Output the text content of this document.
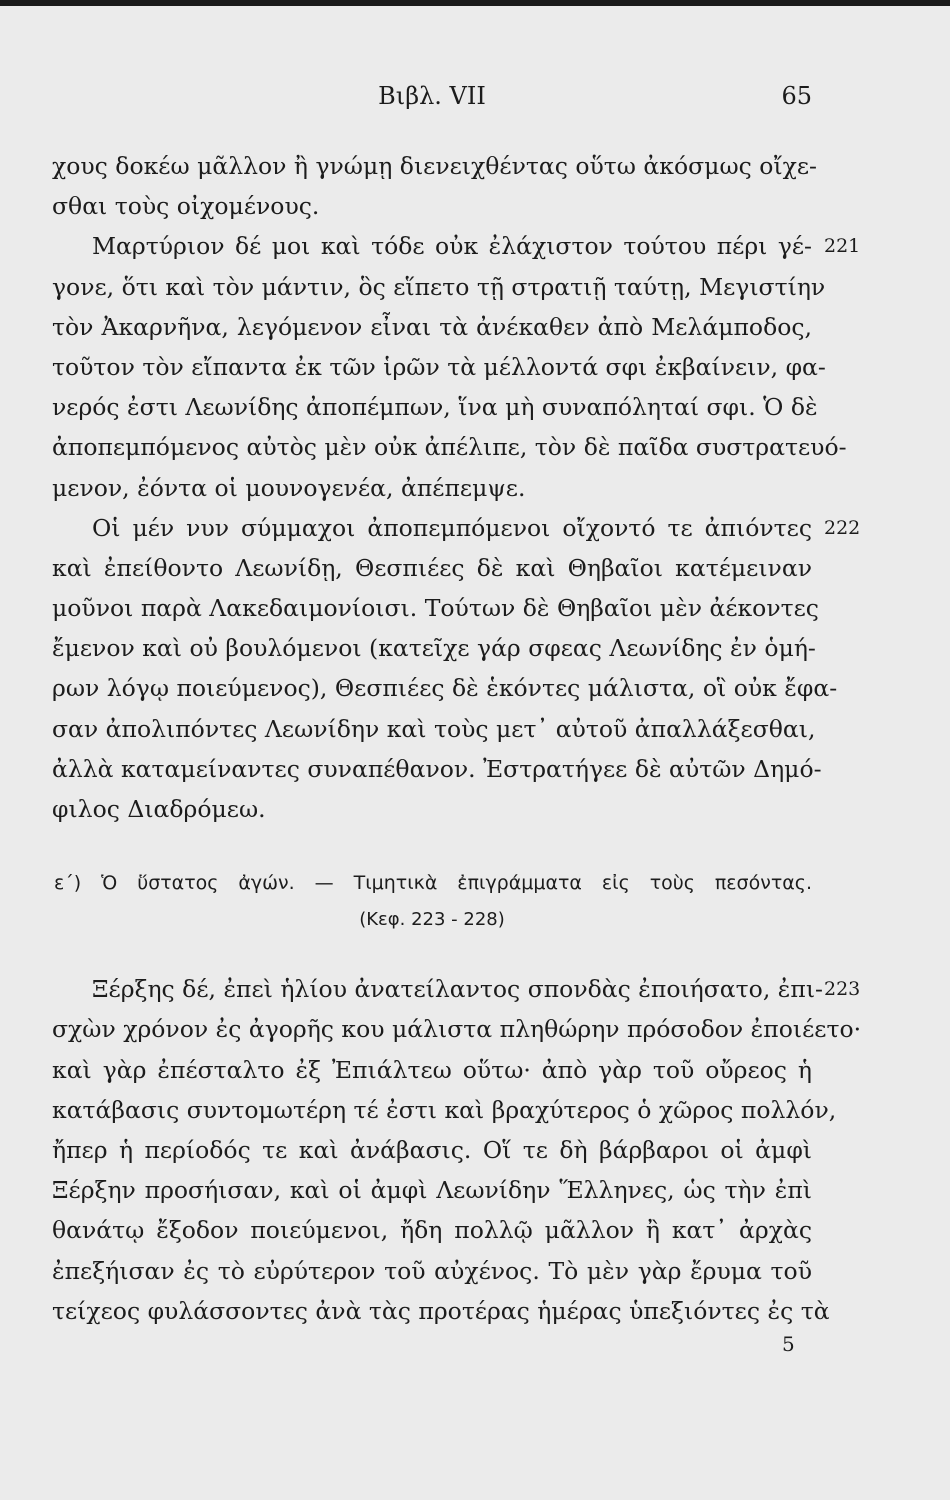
Βιβλ. VII	65
χους δοκέω μᾶλλον ἢ γνώμῃ διενειχθέντας οὕτω ἀκόσμως οἴχε-
σθαι τοὺς οἰχομένους.
Μαρτύριον δέ μοι καὶ τόδε οὐκ ἐλάχιστον τούτου πέρι γέ- 221
γονε, ὅτι καὶ τὸν μάντιν, ὃς εἵπετο τῇ στρατιῇ ταύτῃ, Μεγιστίην
τὸν Ἀκαρνῆνα, λεγόμενον εἶναι τὰ ἀνέκαθεν ἀπὸ Μελάμποδος,
τοῦτον τὸν εἴπαντα ἐκ τῶν ἱρῶν τὰ μέλλοντά σφι ἐκβαίνειν, φα-
νερός ἐστι Λεωνίδης ἀποπέμπων, ἵνα μὴ συναπόληταί σφι. Ὁ δὲ
ἀποπεμπόμενος αὐτὸς μὲν οὐκ ἀπέλιπε, τὸν δὲ παῖδα συστρατευό-
μενον, ἐόντα οἱ μουνογενέα, ἀπέπεμψε.
Οἱ μέν νυν σύμμαχοι ἀποπεμπόμενοι οἴχοντό τε ἀπιόντες 222
καὶ ἐπείθοντο Λεωνίδῃ, Θεσπιέες δὲ καὶ Θηβαῖοι κατέμειναν
μοῦνοι παρὰ Λακεδαιμονίοισι. Τούτων δὲ Θηβαῖοι μὲν ἀέκοντες
ἔμενον καὶ οὐ βουλόμενοι (κατεῖχε γάρ σφεας Λεωνίδης ἐν ὁμή-
ρων λόγῳ ποιεύμενος), Θεσπιέες δὲ ἑκόντες μάλιστα, οἳ οὐκ ἔφα-
σαν ἀπολιπόντες Λεωνίδην καὶ τοὺς μετ᾽ αὐτοῦ ἀπαλλάξεσθαι,
ἀλλὰ καταμείναντες συναπέθανον. Ἐστρατήγεε δὲ αὐτῶν Δημό-
φιλος Διαδρόμεω.
ε΄) Ὁ ὕστατος ἀγών. — Τιμητικὰ ἐπιγράμματα εἰς τοὺς πεσόντας.
(Κεφ. 223 - 228)
Ξέρξης δέ, ἐπεὶ ἡλίου ἀνατείλαντος σπονδὰς ἐποιήσατο, ἐπι- 223
σχὼν χρόνον ἐς ἀγορῆς κου μάλιστα πληθώρην πρόσοδον ἐποιέετο·
καὶ γὰρ ἐπέσταλτο ἐξ Ἐπιάλτεω οὕτω· ἀπὸ γὰρ τοῦ οὔρεος ἡ
κατάβασις συντομωτέρη τέ ἐστι καὶ βραχύτερος ὁ χῶρος πολλόν,
ἤπερ ἡ περίοδός τε καὶ ἀνάβασις. Οἵ τε δὴ βάρβαροι οἱ ἀμφὶ
Ξέρξην προσήισαν, καὶ οἱ ἀμφὶ Λεωνίδην Ἕλληνες, ὡς τὴν ἐπὶ
θανάτῳ ἔξοδον ποιεύμενοι, ἤδη πολλῷ μᾶλλον ἢ κατ᾽ ἀρχὰς
ἐπεξήισαν ἐς τὸ εὐρύτερον τοῦ αὐχένος. Τὸ μὲν γὰρ ἔρυμα τοῦ
τείχεος φυλάσσοντες ἀνὰ τὰς προτέρας ἡμέρας ὑπεξιόντες ἐς τὰ
5
